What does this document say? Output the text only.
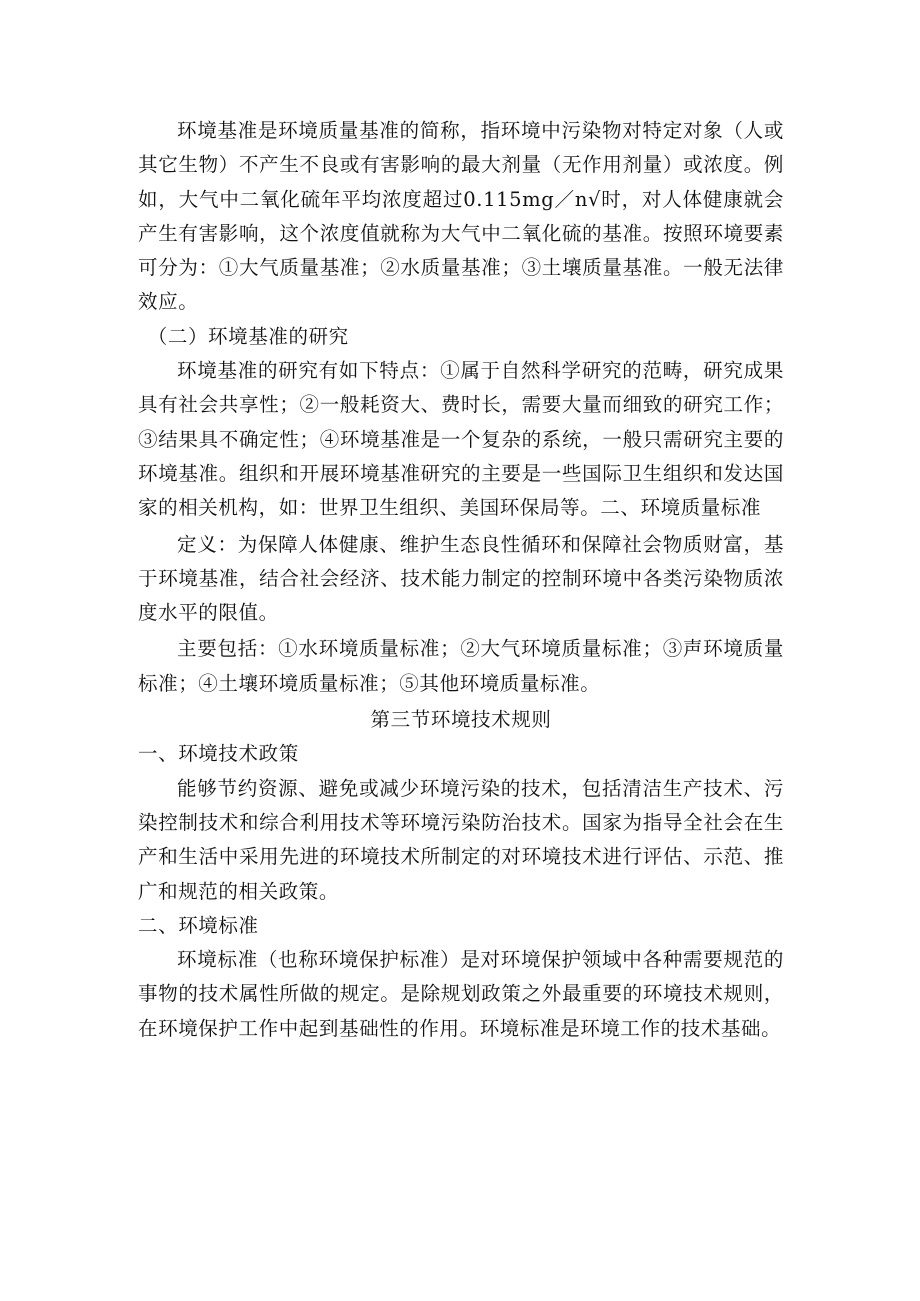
环境基准是环境质量基准的简称，指环境中污染物对特定对象（人或其它生物）不产生不良或有害影响的最大剂量（无作用剂量）或浓度。例如，大气中二氧化硫年平均浓度超过0.115mg／n√时，对人体健康就会产生有害影响，这个浓度值就称为大气中二氧化硫的基准。按照环境要素可分为：①大气质量基准；②水质量基准；③土壤质量基准。一般无法律效应。

（二）环境基准的研究

环境基准的研究有如下特点：①属于自然科学研究的范畴，研究成果具有社会共享性；②一般耗资大、费时长，需要大量而细致的研究工作；③结果具不确定性；④环境基准是一个复杂的系统，一般只需研究主要的环境基准。组织和开展环境基准研究的主要是一些国际卫生组织和发达国家的相关机构，如：世界卫生组织、美国环保局等。二、环境质量标准

定义：为保障人体健康、维护生态良性循环和保障社会物质财富，基于环境基准，结合社会经济、技术能力制定的控制环境中各类污染物质浓度水平的限值。

主要包括：①水环境质量标准；②大气环境质量标准；③声环境质量标准；④土壤环境质量标准；⑤其他环境质量标准。

第三节环境技术规则

一、环境技术政策

能够节约资源、避免或减少环境污染的技术，包括清洁生产技术、污染控制技术和综合利用技术等环境污染防治技术。国家为指导全社会在生产和生活中采用先进的环境技术所制定的对环境技术进行评估、示范、推广和规范的相关政策。

二、环境标准

环境标准（也称环境保护标准）是对环境保护领域中各种需要规范的事物的技术属性所做的规定。是除规划政策之外最重要的环境技术规则，在环境保护工作中起到基础性的作用。环境标准是环境工作的技术基础。
